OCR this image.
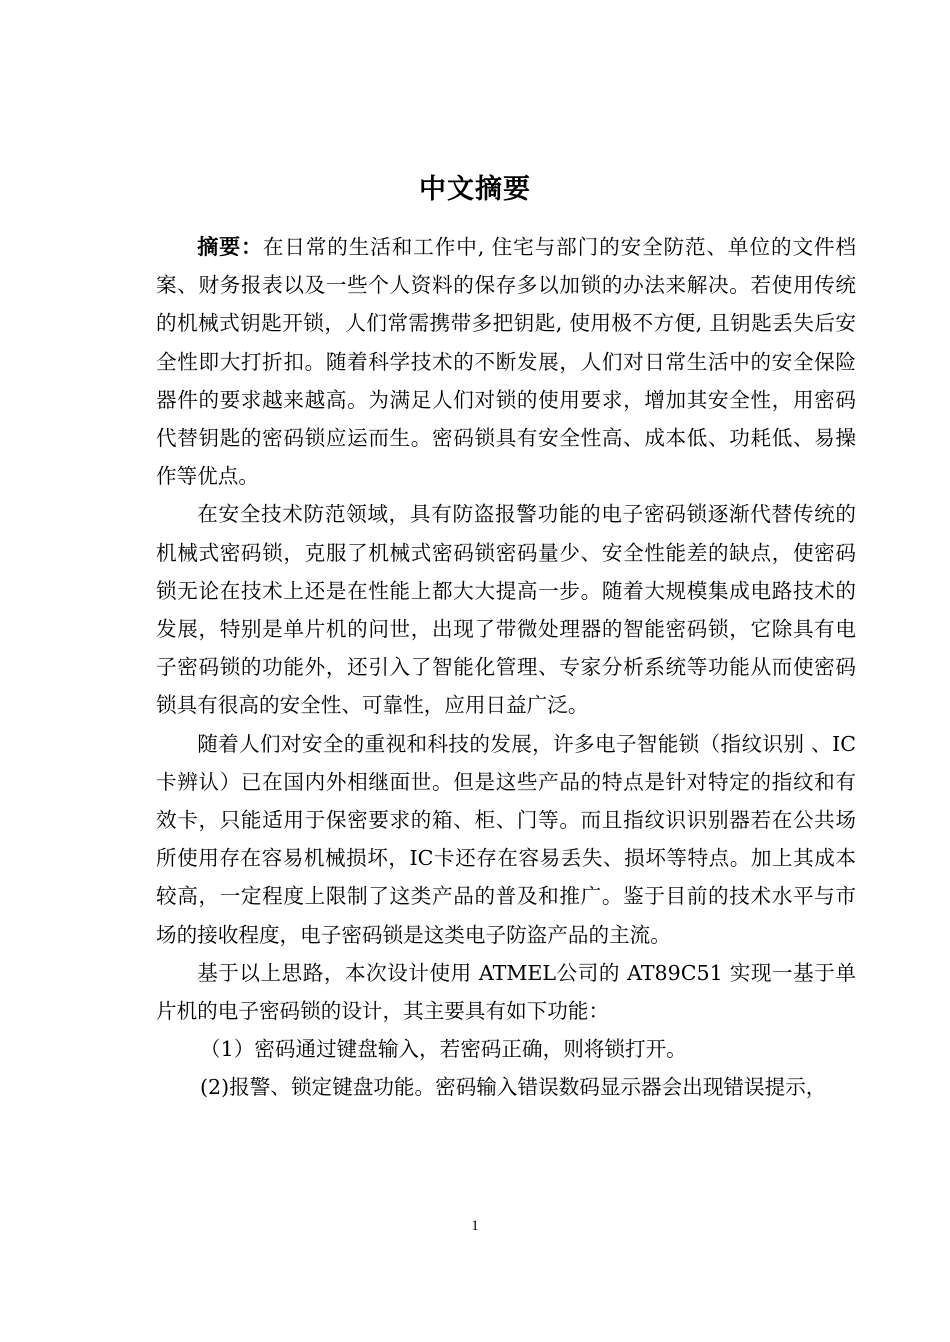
中文摘要

摘要：在日常的生活和工作中, 住宅与部门的安全防范、单位的文件档案、财务报表以及一些个人资料的保存多以加锁的办法来解决。若使用传统的机械式钥匙开锁，人们常需携带多把钥匙, 使用极不方便, 且钥匙丢失后安全性即大打折扣。随着科学技术的不断发展，人们对日常生活中的安全保险器件的要求越来越高。为满足人们对锁的使用要求，增加其安全性，用密码代替钥匙的密码锁应运而生。密码锁具有安全性高、成本低、功耗低、易操作等优点。

在安全技术防范领域，具有防盗报警功能的电子密码锁逐渐代替传统的机械式密码锁，克服了机械式密码锁密码量少、安全性能差的缺点，使密码锁无论在技术上还是在性能上都大大提高一步。随着大规模集成电路技术的发展，特别是单片机的问世，出现了带微处理器的智能密码锁，它除具有电子密码锁的功能外，还引入了智能化管理、专家分析系统等功能从而使密码锁具有很高的安全性、可靠性，应用日益广泛。

随着人们对安全的重视和科技的发展，许多电子智能锁（指纹识别 、IC卡辨认）已在国内外相继面世。但是这些产品的特点是针对特定的指纹和有效卡，只能适用于保密要求的箱、柜、门等。而且指纹识识别器若在公共场所使用存在容易机械损坏，IC卡还存在容易丢失、损坏等特点。加上其成本较高，一定程度上限制了这类产品的普及和推广。鉴于目前的技术水平与市场的接收程度，电子密码锁是这类电子防盗产品的主流。

基于以上思路，本次设计使用 ATMEL公司的 AT89C51 实现一基于单片机的电子密码锁的设计，其主要具有如下功能：

（1）密码通过键盘输入，若密码正确，则将锁打开。

(2)报警、锁定键盘功能。密码输入错误数码显示器会出现错误提示，

1
